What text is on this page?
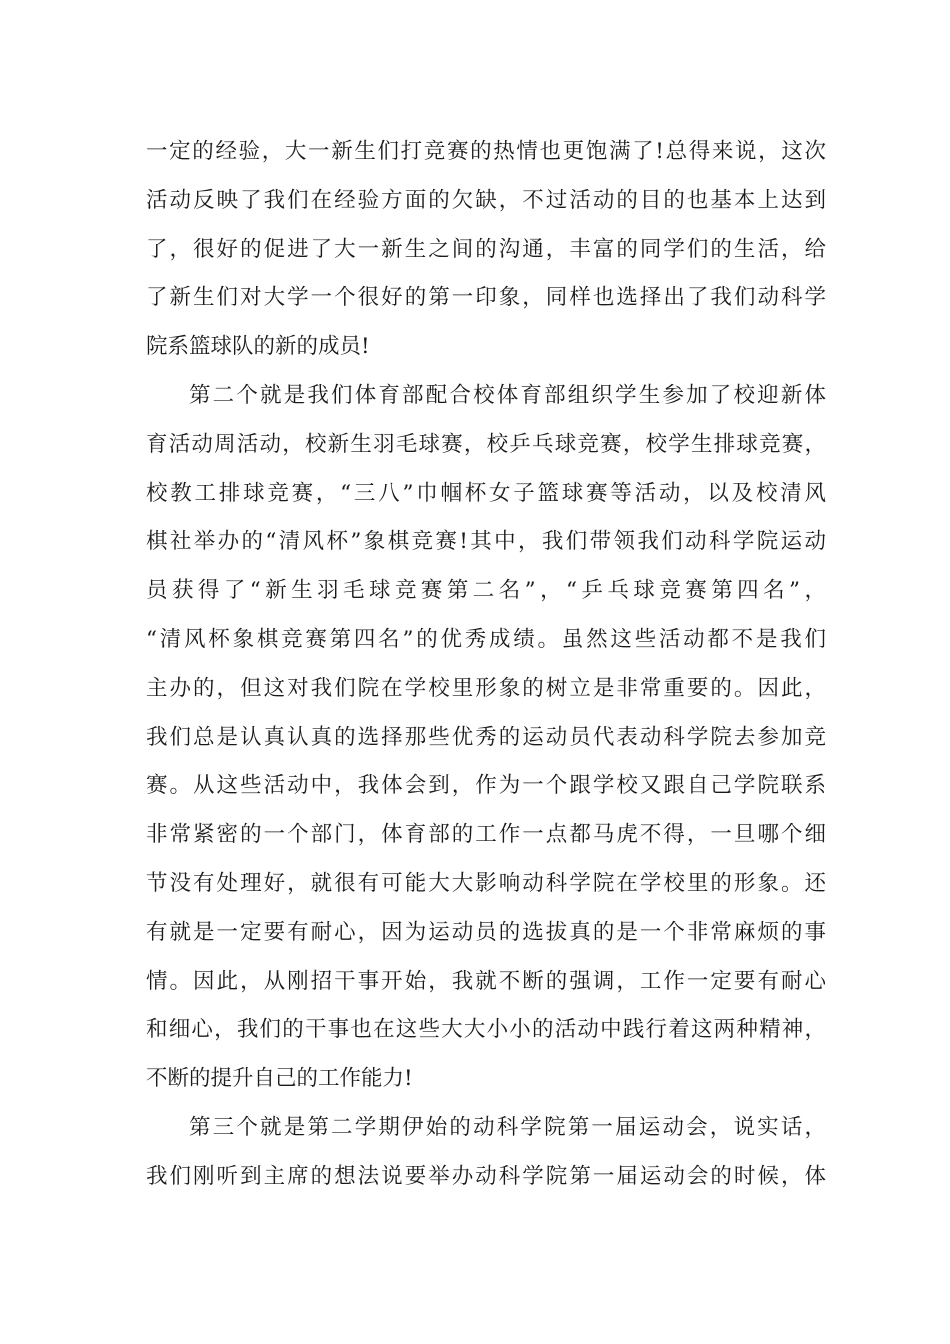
一定的经验，大一新生们打竞赛的热情也更饱满了!总得来说，这次
活动反映了我们在经验方面的欠缺，不过活动的目的也基本上达到
了，很好的促进了大一新生之间的沟通，丰富的同学们的生活，给
了新生们对大学一个很好的第一印象，同样也选择出了我们动科学
院系篮球队的新的成员!
第二个就是我们体育部配合校体育部组织学生参加了校迎新体
育活动周活动，校新生羽毛球赛，校乒乓球竞赛，校学生排球竞赛，
校教工排球竞赛，“三八”巾帼杯女子篮球赛等活动，以及校清风
棋社举办的“清风杯”象棋竞赛!其中，我们带领我们动科学院运动
员获得了“新生羽毛球竞赛第二名”，“乒乓球竞赛第四名”，
“清风杯象棋竞赛第四名”的优秀成绩。虽然这些活动都不是我们
主办的，但这对我们院在学校里形象的树立是非常重要的。因此，
我们总是认真认真的选择那些优秀的运动员代表动科学院去参加竞
赛。从这些活动中，我体会到，作为一个跟学校又跟自己学院联系
非常紧密的一个部门，体育部的工作一点都马虎不得，一旦哪个细
节没有处理好，就很有可能大大影响动科学院在学校里的形象。还
有就是一定要有耐心，因为运动员的选拔真的是一个非常麻烦的事
情。因此，从刚招干事开始，我就不断的强调，工作一定要有耐心
和细心，我们的干事也在这些大大小小的活动中践行着这两种精神，
不断的提升自己的工作能力!
第三个就是第二学期伊始的动科学院第一届运动会，说实话，
我们刚听到主席的想法说要举办动科学院第一届运动会的时候，体
